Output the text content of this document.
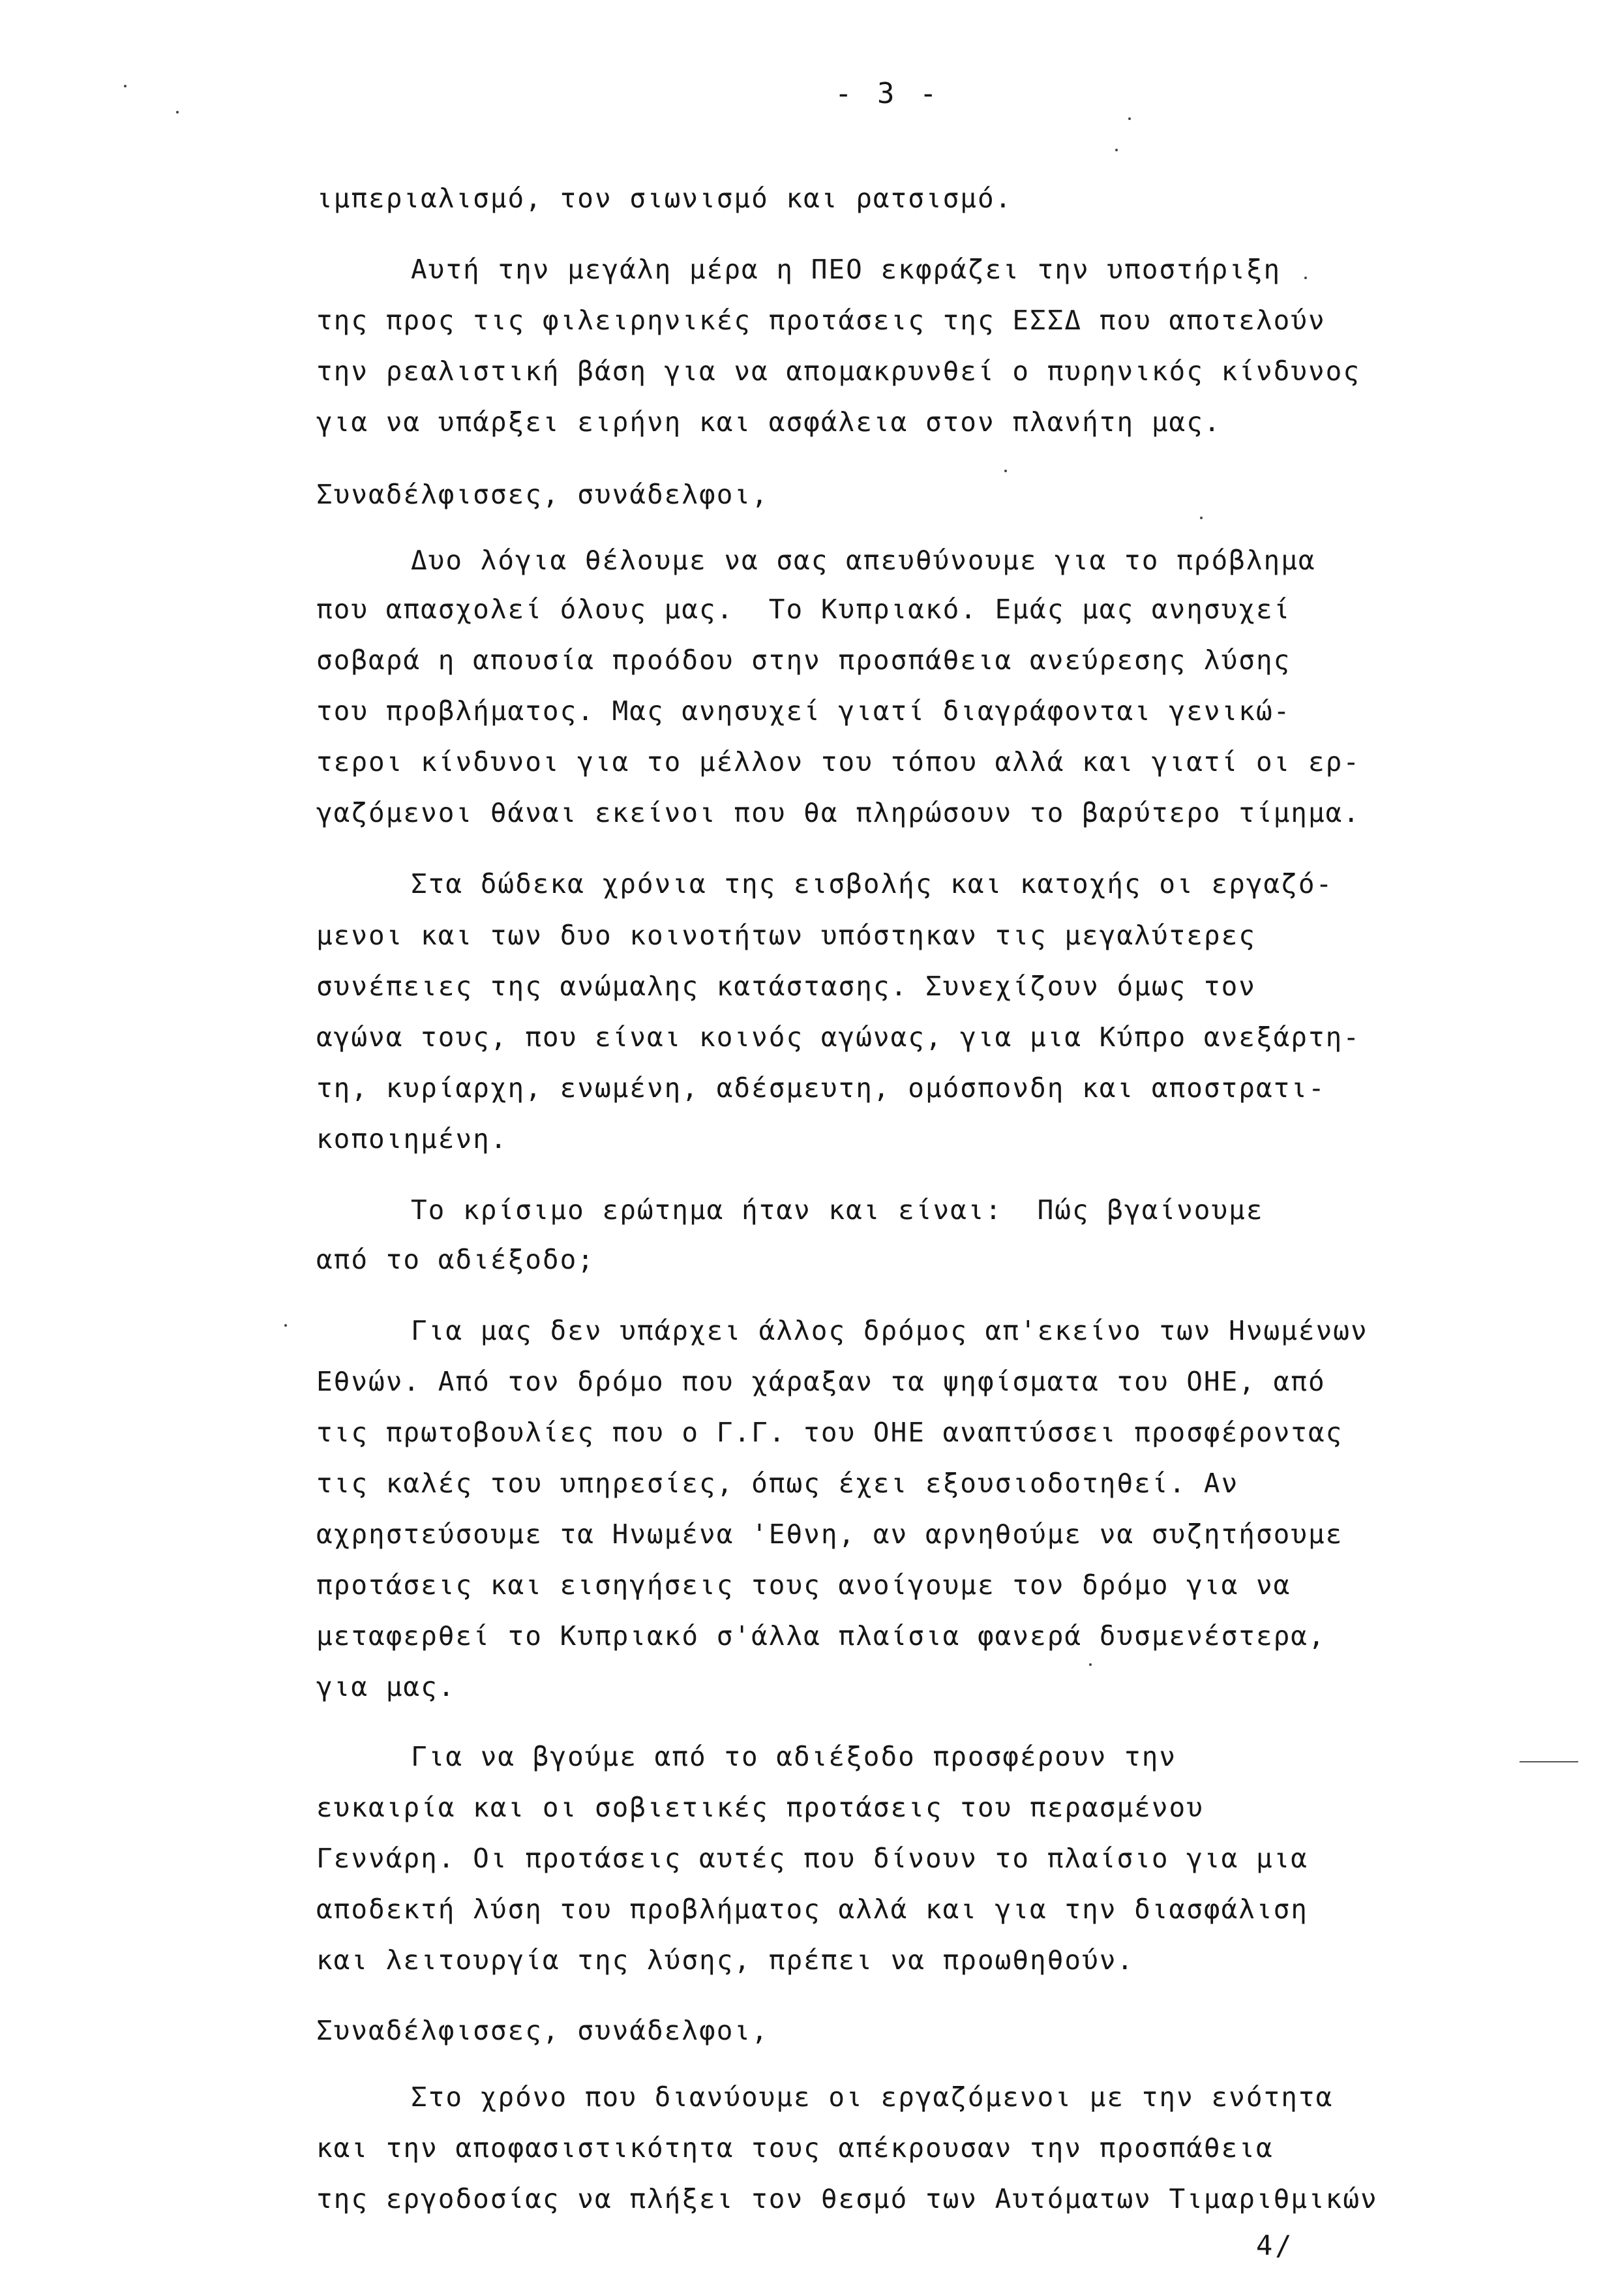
- 3 -
ιμπεριαλισμό, τον σιωνισμό και ρατσισμό.
Αυτή την μεγάλη μέρα η ΠΕΟ εκφράζει την υποστήριξη
της προς τις φιλειρηνικές προτάσεις της ΕΣΣΔ που αποτελούν
την ρεαλιστική βάση για να απομακρυνθεί ο πυρηνικός κίνδυνος
για να υπάρξει ειρήνη και ασφάλεια στον πλανήτη μας.
Συναδέλφισσες, συνάδελφοι,
Δυο λόγια θέλουμε να σας απευθύνουμε για το πρόβλημα
που απασχολεί όλους μας.  Το Κυπριακό. Εμάς μας ανησυχεί
σοβαρά η απουσία προόδου στην προσπάθεια ανεύρεσης λύσης
του προβλήματος. Μας ανησυχεί γιατί διαγράφονται γενικώ-
τεροι κίνδυνοι για το μέλλον του τόπου αλλά και γιατί οι ερ-
γαζόμενοι θάναι εκείνοι που θα πληρώσουν το βαρύτερο τίμημα.
Στα δώδεκα χρόνια της εισβολής και κατοχής οι εργαζό-
μενοι και των δυο κοινοτήτων υπόστηκαν τις μεγαλύτερες
συνέπειες της ανώμαλης κατάστασης. Συνεχίζουν όμως τον
αγώνα τους, που είναι κοινός αγώνας, για μια Κύπρο ανεξάρτη-
τη, κυρίαρχη, ενωμένη, αδέσμευτη, ομόσπονδη και αποστρατι-
κοποιημένη.
Το κρίσιμο ερώτημα ήταν και είναι:  Πώς βγαίνουμε
από το αδιέξοδο;
Για μας δεν υπάρχει άλλος δρόμος απ'εκείνο των Ηνωμένων
Εθνών. Από τον δρόμο που χάραξαν τα ψηφίσματα του ΟΗΕ, από
τις πρωτοβουλίες που ο Γ.Γ. του ΟΗΕ αναπτύσσει προσφέροντας
τις καλές του υπηρεσίες, όπως έχει εξουσιοδοτηθεί. Αν
αχρηστεύσουμε τα Ηνωμένα 'Εθνη, αν αρνηθούμε να συζητήσουμε
προτάσεις και εισηγήσεις τους ανοίγουμε τον δρόμο για να
μεταφερθεί το Κυπριακό σ'άλλα πλαίσια φανερά δυσμενέστερα,
για μας.
Για να βγούμε από το αδιέξοδο προσφέρουν την
ευκαιρία και οι σοβιετικές προτάσεις του περασμένου
Γεννάρη. Οι προτάσεις αυτές που δίνουν το πλαίσιο για μια
αποδεκτή λύση του προβλήματος αλλά και για την διασφάλιση
και λειτουργία της λύσης, πρέπει να προωθηθούν.
Συναδέλφισσες, συνάδελφοι,
Στο χρόνο που διανύουμε οι εργαζόμενοι με την ενότητα
και την αποφασιστικότητα τους απέκρουσαν την προσπάθεια
της εργοδοσίας να πλήξει τον θεσμό των Αυτόματων Τιμαριθμικών
4/
